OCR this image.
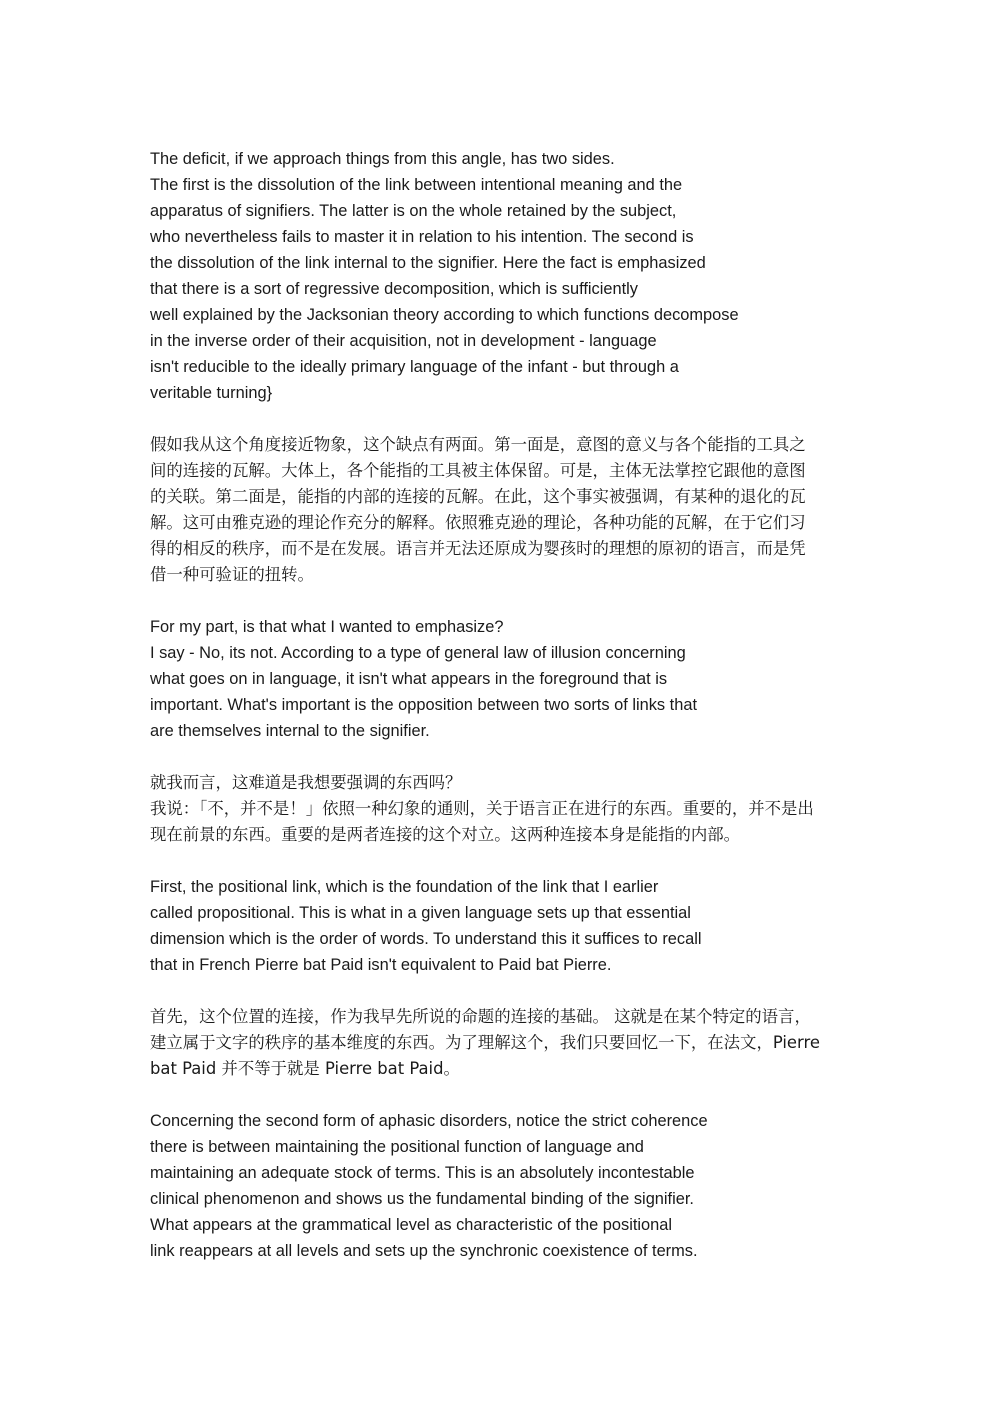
The deficit, if we approach things from this angle, has two sides.
The first is the dissolution of the link between intentional meaning and the
apparatus of signifiers. The latter is on the whole retained by the subject,
who nevertheless fails to master it in relation to his intention. The second is
the dissolution of the link internal to the signifier. Here the fact is emphasized
that there is a sort of regressive decomposition, which is sufficiently
well explained by the Jacksonian theory according to which functions decompose
in the inverse order of their acquisition, not in development - language
isn't reducible to the ideally primary language of the infant - but through a
veritable turning}
假如我从这个角度接近物象，这个缺点有两面。第一面是，意图的意义与各个能指的工具之
间的连接的瓦解。大体上，各个能指的工具被主体保留。可是，主体无法掌控它跟他的意图
的关联。第二面是，能指的内部的连接的瓦解。在此，这个事实被强调，有某种的退化的瓦
解。这可由雅克逊的理论作充分的解释。依照雅克逊的理论，各种功能的瓦解，在于它们习
得的相反的秩序，而不是在发展。语言并无法还原成为婴孩时的理想的原初的语言，而是凭
借一种可验证的扭转。
For my part, is that what I wanted to emphasize?
I say - No, its not. According to a type of general law of illusion concerning
what goes on in language, it isn't what appears in the foreground that is
important. What's important is the opposition between two sorts of links that
are themselves internal to the signifier.
就我而言，这难道是我想要强调的东西吗？
我说：「不，并不是！」依照一种幻象的通则，关于语言正在进行的东西。重要的，并不是出
现在前景的东西。重要的是两者连接的这个对立。这两种连接本身是能指的内部。
First, the positional link, which is the foundation of the link that I earlier
called propositional. This is what in a given language sets up that essential
dimension which is the order of words. To understand this it suffices to recall
that in French Pierre bat Paid isn't equivalent to Paid bat Pierre.
首先，这个位置的连接，作为我早先所说的命题的连接的基础。 这就是在某个特定的语言，
建立属于文字的秩序的基本维度的东西。为了理解这个，我们只要回忆一下，在法文，Pierre
bat Paid 并不等于就是 Pierre bat Paid。
Concerning the second form of aphasic disorders, notice the strict coherence
there is between maintaining the positional function of language and
maintaining an adequate stock of terms. This is an absolutely incontestable
clinical phenomenon and shows us the fundamental binding of the signifier.
What appears at the grammatical level as characteristic of the positional
link reappears at all levels and sets up the synchronic coexistence of terms.
